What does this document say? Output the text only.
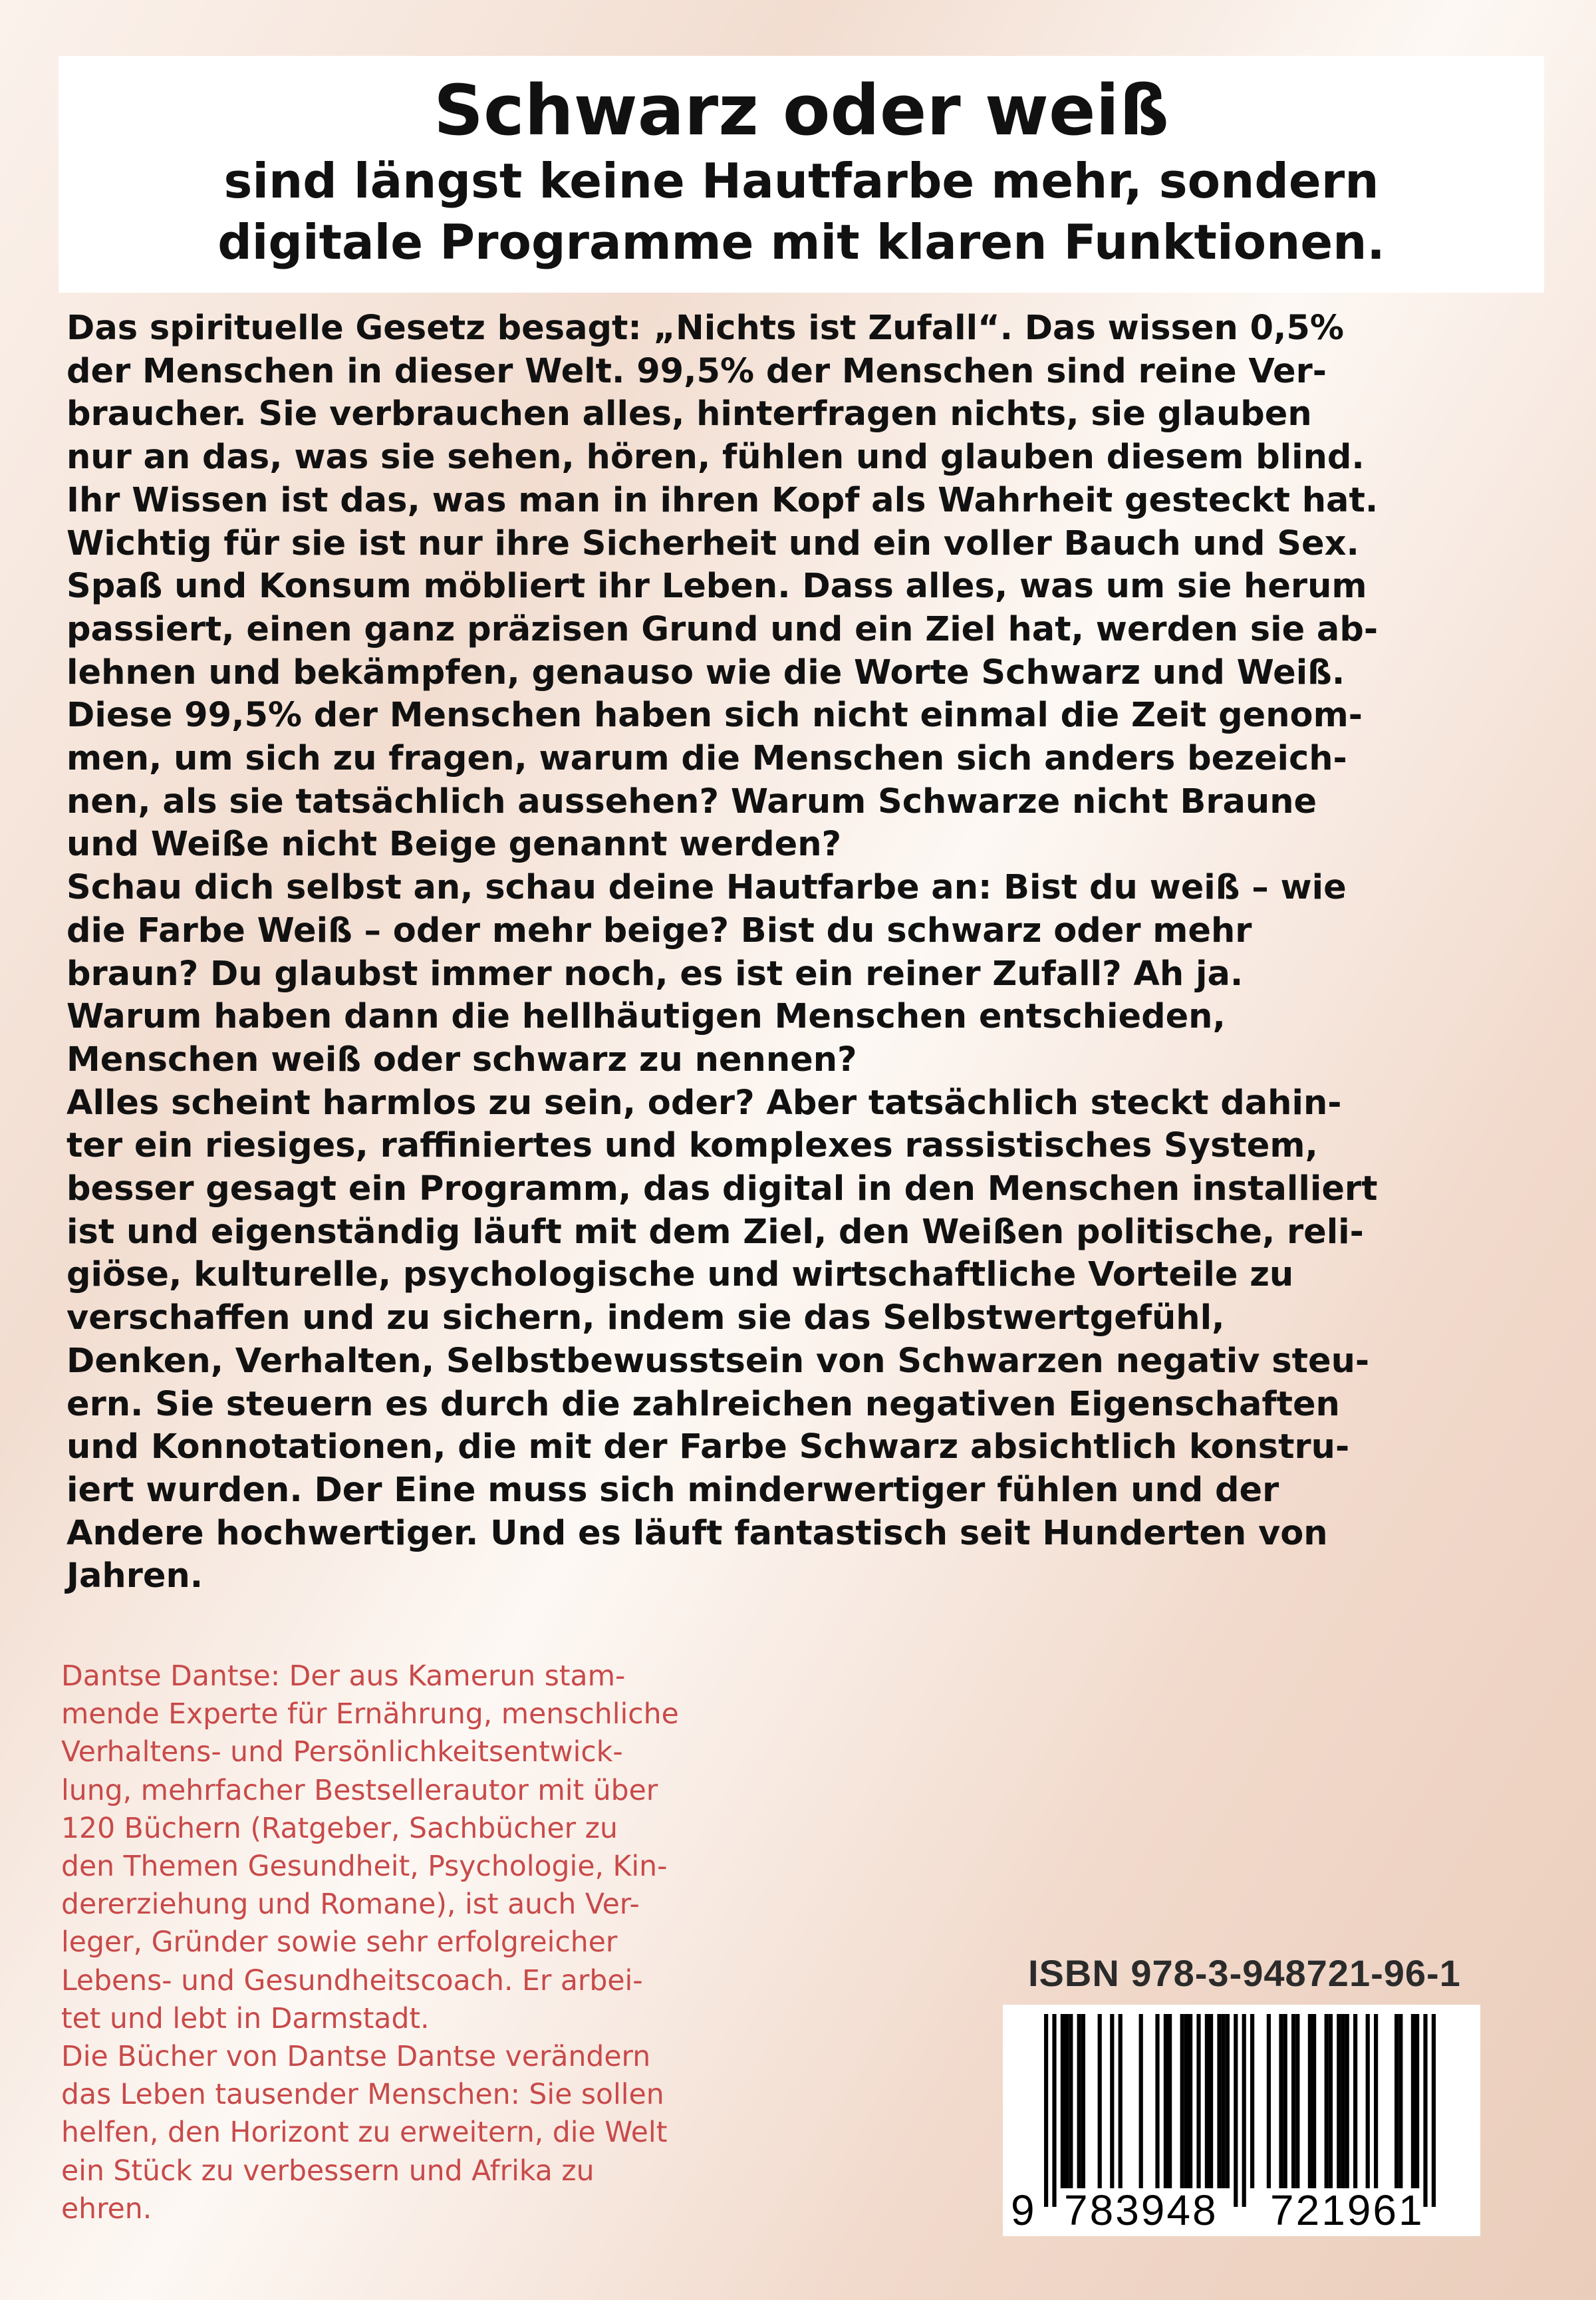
Schwarz oder weiß
sind längst keine Hautfarbe mehr, sondern
digitale Programme mit klaren Funktionen.
Das spirituelle Gesetz besagt: „Nichts ist Zufall“. Das wissen 0,5%
der Menschen in dieser Welt. 99,5% der Menschen sind reine Ver-
braucher. Sie verbrauchen alles, hinterfragen nichts, sie glauben
nur an das, was sie sehen, hören, fühlen und glauben diesem blind.
Ihr Wissen ist das, was man in ihren Kopf als Wahrheit gesteckt hat.
Wichtig für sie ist nur ihre Sicherheit und ein voller Bauch und Sex.
Spaß und Konsum möbliert ihr Leben. Dass alles, was um sie herum
passiert, einen ganz präzisen Grund und ein Ziel hat, werden sie ab-
lehnen und bekämpfen, genauso wie die Worte Schwarz und Weiß.
Diese 99,5% der Menschen haben sich nicht einmal die Zeit genom-
men, um sich zu fragen, warum die Menschen sich anders bezeich-
nen, als sie tatsächlich aussehen? Warum Schwarze nicht Braune
und Weiße nicht Beige genannt werden?
Schau dich selbst an, schau deine Hautfarbe an: Bist du weiß – wie
die Farbe Weiß – oder mehr beige? Bist du schwarz oder mehr
braun? Du glaubst immer noch, es ist ein reiner Zufall? Ah ja.
Warum haben dann die hellhäutigen Menschen entschieden,
Menschen weiß oder schwarz zu nennen?
Alles scheint harmlos zu sein, oder? Aber tatsächlich steckt dahin-
ter ein riesiges, raffiniertes und komplexes rassistisches System,
besser gesagt ein Programm, das digital in den Menschen installiert
ist und eigenständig läuft mit dem Ziel, den Weißen politische, reli-
giöse, kulturelle, psychologische und wirtschaftliche Vorteile zu
verschaffen und zu sichern, indem sie das Selbstwertgefühl,
Denken, Verhalten, Selbstbewusstsein von Schwarzen negativ steu-
ern. Sie steuern es durch die zahlreichen negativen Eigenschaften
und Konnotationen, die mit der Farbe Schwarz absichtlich konstru-
iert wurden. Der Eine muss sich minderwertiger fühlen und der
Andere hochwertiger. Und es läuft fantastisch seit Hunderten von
Jahren.
Dantse Dantse: Der aus Kamerun stam-
mende Experte für Ernährung, menschliche
Verhaltens- und Persönlichkeitsentwick-
lung, mehrfacher Bestsellerautor mit über
120 Büchern (Ratgeber, Sachbücher zu
den Themen Gesundheit, Psychologie, Kin-
dererziehung und Romane), ist auch Ver-
leger, Gründer sowie sehr erfolgreicher
Lebens- und Gesundheitscoach. Er arbei-
tet und lebt in Darmstadt.
Die Bücher von Dantse Dantse verändern
das Leben tausender Menschen: Sie sollen
helfen, den Horizont zu erweitern, die Welt
ein Stück zu verbessern und Afrika zu
ehren.
ISBN 978-3-948721-96-1
9 783948 721961
